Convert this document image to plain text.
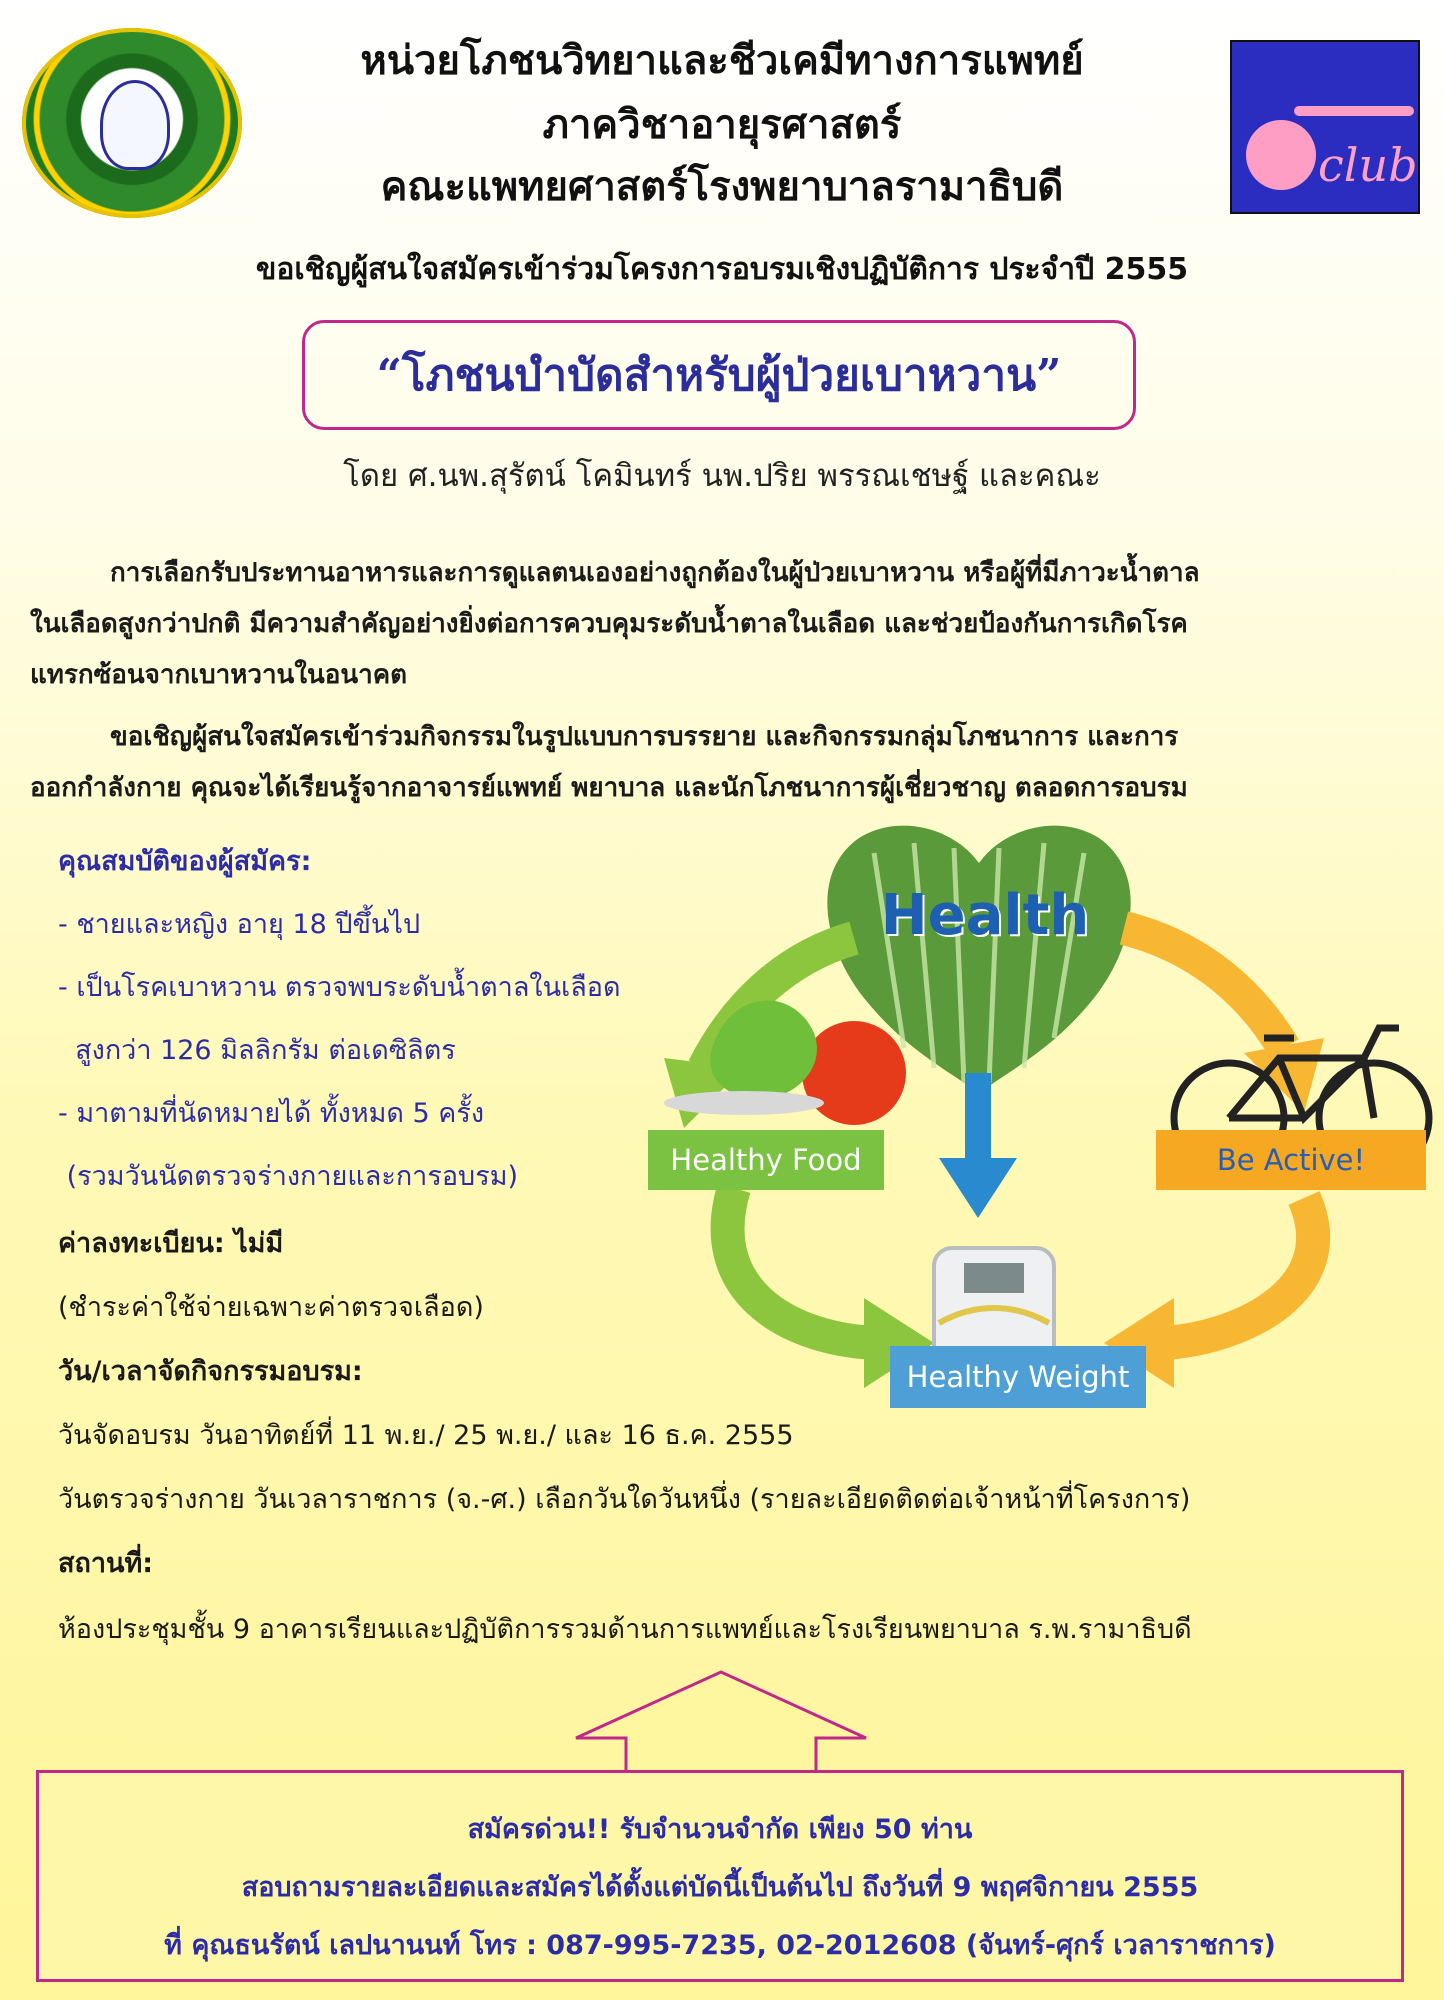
club
หน่วยโภชนวิทยาและชีวเคมีทางการแพทย์
ภาควิชาอายุรศาสตร์
คณะแพทยศาสตร์โรงพยาบาลรามาธิบดี
ขอเชิญผู้สนใจสมัครเข้าร่วมโครงการอบรมเชิงปฏิบัติการ ประจำปี 2555
“โภชนบำบัดสำหรับผู้ป่วยเบาหวาน”
โดย ศ.นพ.สุรัตน์ โคมินทร์ นพ.ปริย พรรณเชษฐ์ และคณะ
การเลือกรับประทานอาหารและการดูแลตนเองอย่างถูกต้องในผู้ป่วยเบาหวาน หรือผู้ที่มีภาวะน้ำตาล
ในเลือดสูงกว่าปกติ มีความสำคัญอย่างยิ่งต่อการควบคุมระดับน้ำตาลในเลือด และช่วยป้องกันการเกิดโรค
แทรกซ้อนจากเบาหวานในอนาคต
ขอเชิญผู้สนใจสมัครเข้าร่วมกิจกรรมในรูปแบบการบรรยาย และกิจกรรมกลุ่มโภชนาการ และการ
ออกกำลังกาย คุณจะได้เรียนรู้จากอาจารย์แพทย์ พยาบาล และนักโภชนาการผู้เชี่ยวชาญ ตลอดการอบรม
คุณสมบัติของผู้สมัคร:
- ชายและหญิง อายุ 18 ปีขึ้นไป
- เป็นโรคเบาหวาน ตรวจพบระดับน้ำตาลในเลือด
สูงกว่า 126 มิลลิกรัม ต่อเดซิลิตร
- มาตามที่นัดหมายได้ ทั้งหมด 5 ครั้ง
(รวมวันนัดตรวจร่างกายและการอบรม)
ค่าลงทะเบียน: ไม่มี
(ชำระค่าใช้จ่ายเฉพาะค่าตรวจเลือด)
วัน/เวลาจัดกิจกรรมอบรม:
วันจัดอบรม วันอาทิตย์ที่ 11 พ.ย./ 25 พ.ย./ และ 16 ธ.ค. 2555
วันตรวจร่างกาย วันเวลาราชการ (จ.-ศ.) เลือกวันใดวันหนึ่ง (รายละเอียดติดต่อเจ้าหน้าที่โครงการ)
สถานที่:
ห้องประชุมชั้น 9 อาคารเรียนและปฏิบัติการรวมด้านการแพทย์และโรงเรียนพยาบาล ร.พ.รามาธิบดี
Healthy Food	Be Active!
Healthy Weight
Health
สมัครด่วน!! รับจำนวนจำกัด เพียง 50 ท่าน
สอบถามรายละเอียดและสมัครได้ตั้งแต่บัดนี้เป็นต้นไป ถึงวันที่ 9 พฤศจิกายน 2555
ที่ คุณธนรัตน์ เลปนานนท์ โทร : 087-995-7235, 02-2012608 (จันทร์-ศุกร์ เวลาราชการ)
